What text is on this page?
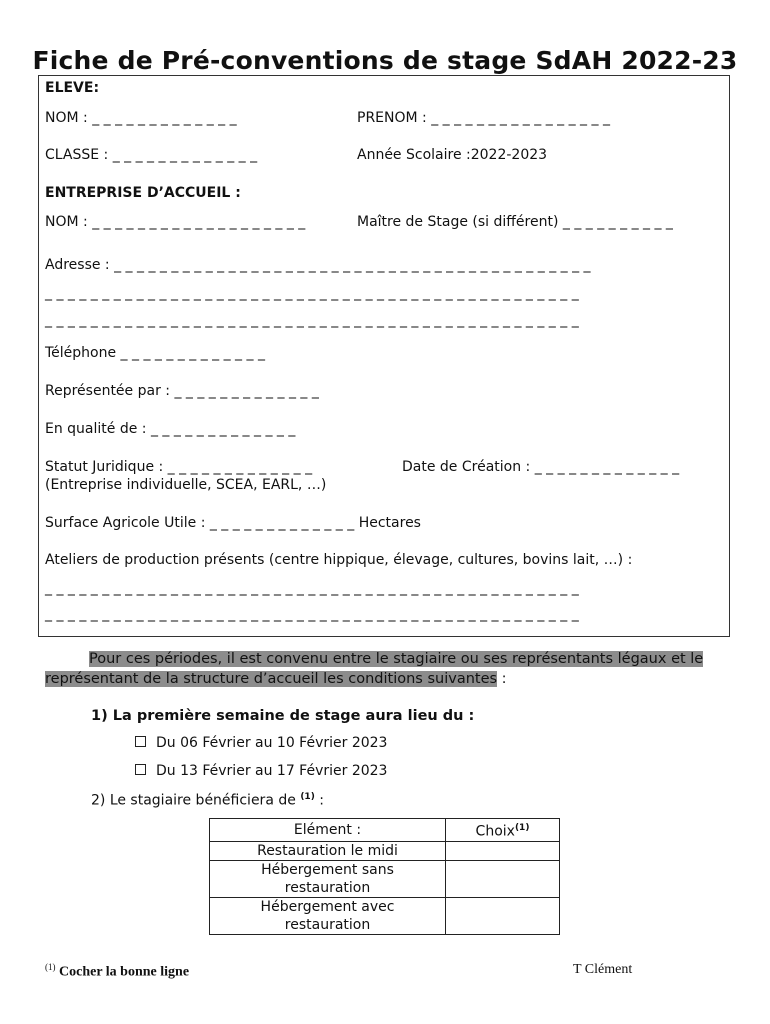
Fiche de Pré-conventions de stage SdAH 2022-23
ELEVE:
NOM : _ _ _ _ _ _ _ _ _ _ _ _ _	PRENOM : _ _ _ _ _ _ _ _ _ _ _ _ _ _ _ _
CLASSE : _ _ _ _ _ _ _ _ _ _ _ _ _	Année Scolaire :2022-2023
ENTREPRISE D’ACCUEIL :
NOM : _ _ _ _ _ _ _ _ _ _ _ _ _ _ _ _ _ _ _	Maître de Stage (si différent) _ _ _ _ _ _ _ _ _ _
Adresse : _ _ _ _ _ _ _ _ _ _ _ _ _ _ _ _ _ _ _ _ _ _ _ _ _ _ _ _ _ _ _ _ _ _ _ _ _ _ _ _ _ _
_ _ _ _ _ _ _ _ _ _ _ _ _ _ _ _ _ _ _ _ _ _ _ _ _ _ _ _ _ _ _ _ _ _ _ _ _ _ _ _ _ _ _ _ _ _ _
_ _ _ _ _ _ _ _ _ _ _ _ _ _ _ _ _ _ _ _ _ _ _ _ _ _ _ _ _ _ _ _ _ _ _ _ _ _ _ _ _ _ _ _ _ _ _
Téléphone _ _ _ _ _ _ _ _ _ _ _ _ _
Représentée par : _ _ _ _ _ _ _ _ _ _ _ _ _
En qualité de : _ _ _ _ _ _ _ _ _ _ _ _ _
Statut Juridique : _ _ _ _ _ _ _ _ _ _ _ _ _	Date de Création : _ _ _ _ _ _ _ _ _ _ _ _ _
(Entreprise individuelle, SCEA, EARL, …)
Surface Agricole Utile : _ _ _ _ _ _ _ _ _ _ _ _ _ Hectares
Ateliers de production présents (centre hippique, élevage, cultures, bovins lait, …) :
_ _ _ _ _ _ _ _ _ _ _ _ _ _ _ _ _ _ _ _ _ _ _ _ _ _ _ _ _ _ _ _ _ _ _ _ _ _ _ _ _ _ _ _ _ _ _
_ _ _ _ _ _ _ _ _ _ _ _ _ _ _ _ _ _ _ _ _ _ _ _ _ _ _ _ _ _ _ _ _ _ _ _ _ _ _ _ _ _ _ _ _ _ _
Pour ces périodes, il est convenu entre le stagiaire ou ses représentants légaux et le représentant de la structure d’accueil les conditions suivantes :
1) La première semaine de stage aura lieu du :
Du 06 Février au 10 Février 2023
Du 13 Février au 17 Février 2023
2) Le stagiaire bénéficiera de $^{(1)}$ :
Elément :	Choix$^{(1)}$
Restauration le midi	
Hébergement sans
restauration	
Hébergement avec
restauration	
$^{(1)}$ Cocher la bonne ligne	T Clément
